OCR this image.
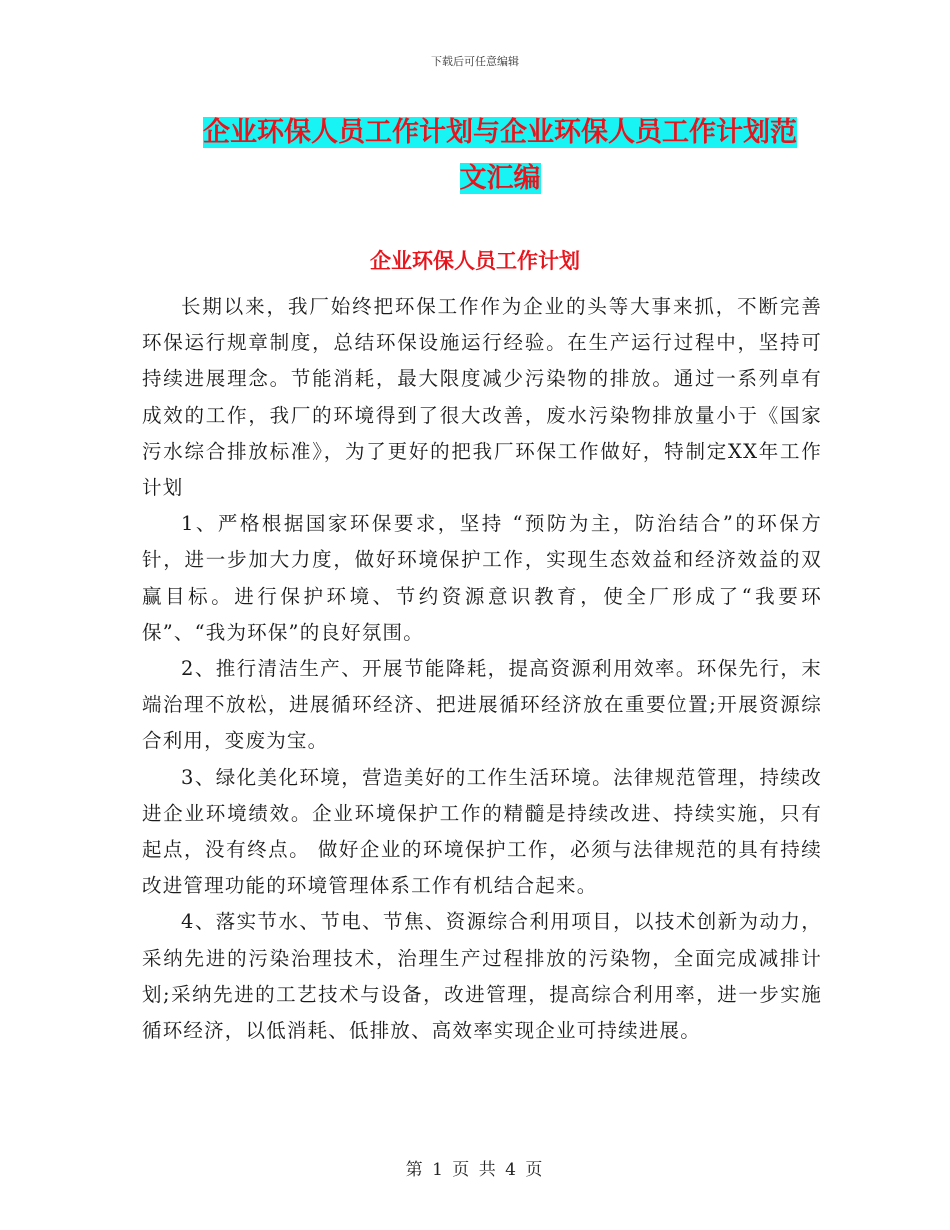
下载后可任意编辑
企业环保人员工作计划与企业环保人员工作计划范文汇编
企业环保人员工作计划

长期以来，我厂始终把环保工作作为企业的头等大事来抓，不断完善环保运行规章制度，总结环保设施运行经验。在生产运行过程中，坚持可持续进展理念。节能消耗，最大限度减少污染物的排放。通过一系列卓有成效的工作，我厂的环境得到了很大改善，废水污染物排放量小于《国家污水综合排放标准》，为了更好的把我厂环保工作做好，特制定XX年工作计划

1、严格根据国家环保要求，坚持 “预防为主，防治结合”的环保方针，进一步加大力度，做好环境保护工作，实现生态效益和经济效益的双赢目标。进行保护环境、节约资源意识教育，使全厂形成了“我要环保”、“我为环保”的良好氛围。

2、推行清洁生产、开展节能降耗，提高资源利用效率。环保先行，末端治理不放松，进展循环经济、把进展循环经济放在重要位置;开展资源综合利用，变废为宝。

3、绿化美化环境，营造美好的工作生活环境。法律规范管理，持续改进企业环境绩效。企业环境保护工作的精髓是持续改进、持续实施，只有起点，没有终点。 做好企业的环境保护工作，必须与法律规范的具有持续改进管理功能的环境管理体系工作有机结合起来。

4、落实节水、节电、节焦、资源综合利用项目，以技术创新为动力，采纳先进的污染治理技术，治理生产过程排放的污染物，全面完成减排计划;采纳先进的工艺技术与设备，改进管理，提高综合利用率，进一步实施循环经济，以低消耗、低排放、高效率实现企业可持续进展。

第 1 页 共 4 页
